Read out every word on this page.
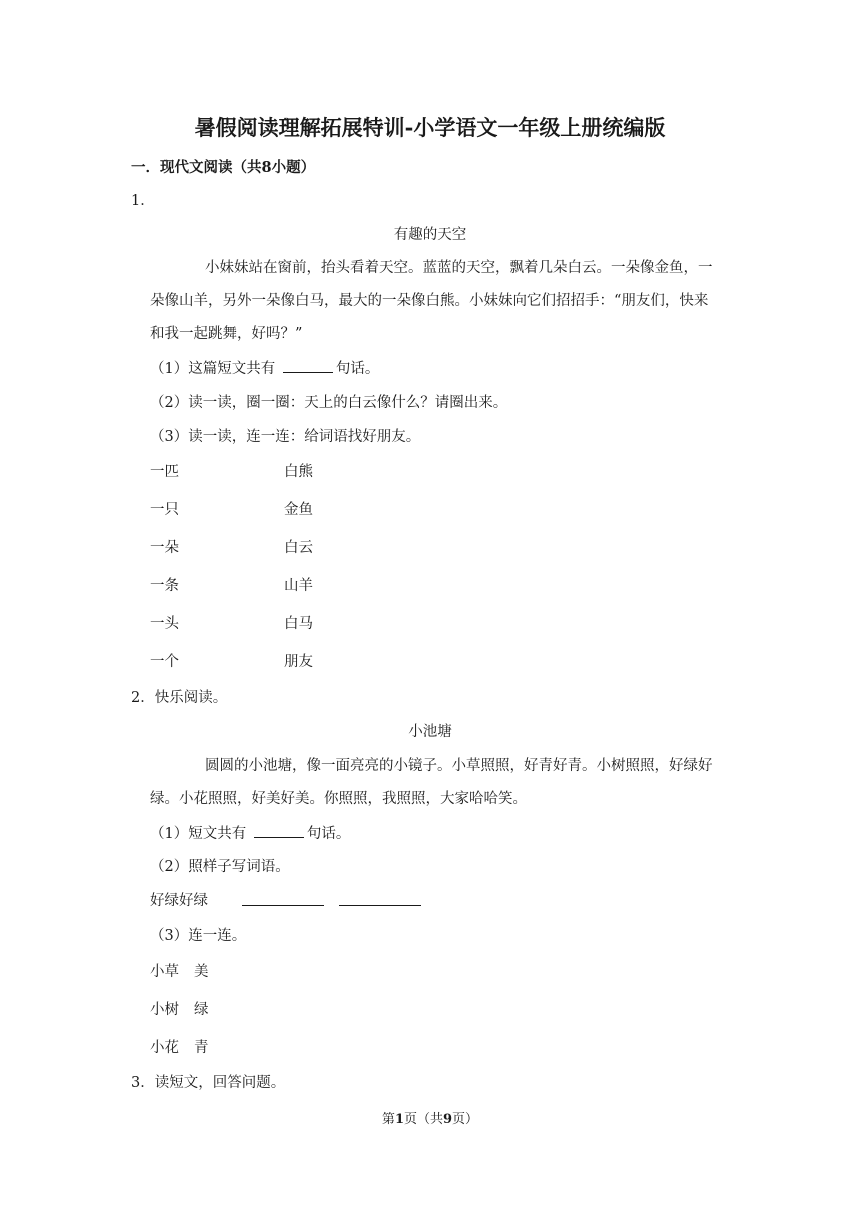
暑假阅读理解拓展特训-小学语文一年级上册统编版
一．现代文阅读（共8小题）
1．
有趣的天空
小妹妹站在窗前，抬头看着天空。蓝蓝的天空，飘着几朵白云。一朵像金鱼，一
朵像山羊，另外一朵像白马，最大的一朵像白熊。小妹妹向它们招招手：“朋友们，快来
和我一起跳舞，好吗？”
（1）这篇短文共有	句话。
（2）读一读，圈一圈：天上的白云像什么？请圈出来。
（3）读一读，连一连：给词语找好朋友。
一匹	白熊
一只	金鱼
一朵	白云
一条	山羊
一头	白马
一个	朋友
2．快乐阅读。
小池塘
圆圆的小池塘，像一面亮亮的小镜子。小草照照，好青好青。小树照照，好绿好
绿。小花照照，好美好美。你照照，我照照，大家哈哈笑。
（1）短文共有	句话。
（2）照样子写词语。
好绿好绿
（3）连一连。
小草 美
小树 绿
小花 青
3．读短文，回答问题。
第1页（共9页）
